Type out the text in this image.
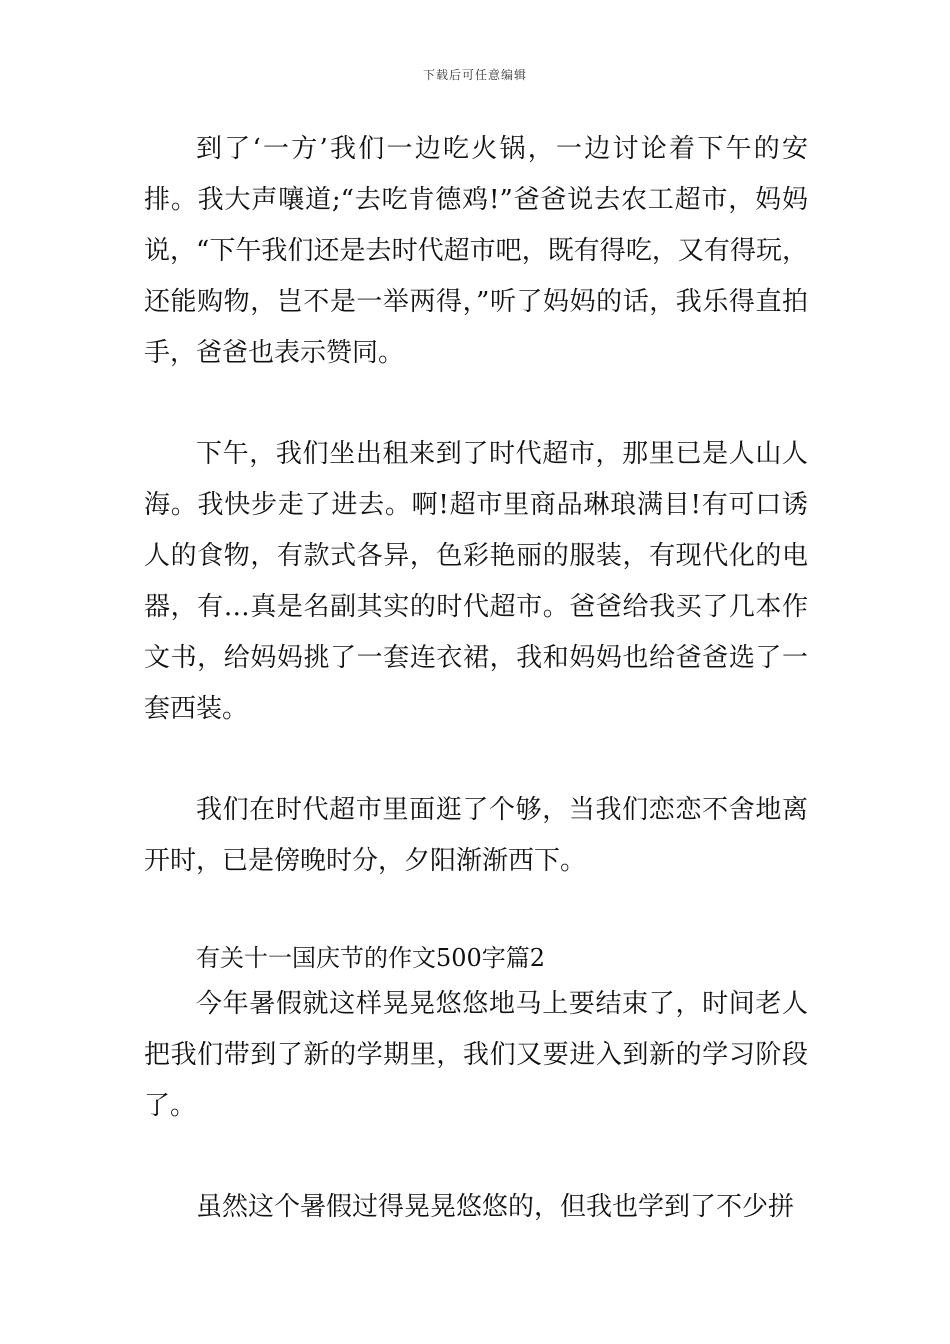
下载后可任意编辑

到了‘一方’我们一边吃火锅，一边讨论着下午的安排。我大声嚷道;“去吃肯德鸡!”爸爸说去农工超市，妈妈说，“下午我们还是去时代超市吧，既有得吃，又有得玩，还能购物，岂不是一举两得，”听了妈妈的话，我乐得直拍手，爸爸也表示赞同。

下午，我们坐出租来到了时代超市，那里已是人山人海。我快步走了进去。啊!超市里商品琳琅满目!有可口诱人的食物，有款式各异，色彩艳丽的服装，有现代化的电器，有…真是名副其实的时代超市。爸爸给我买了几本作文书，给妈妈挑了一套连衣裙，我和妈妈也给爸爸选了一套西装。

我们在时代超市里面逛了个够，当我们恋恋不舍地离开时，已是傍晚时分，夕阳渐渐西下。

有关十一国庆节的作文500字篇2

今年暑假就这样晃晃悠悠地马上要结束了，时间老人把我们带到了新的学期里，我们又要进入到新的学习阶段了。

虽然这个暑假过得晃晃悠悠的，但我也学到了不少拼
